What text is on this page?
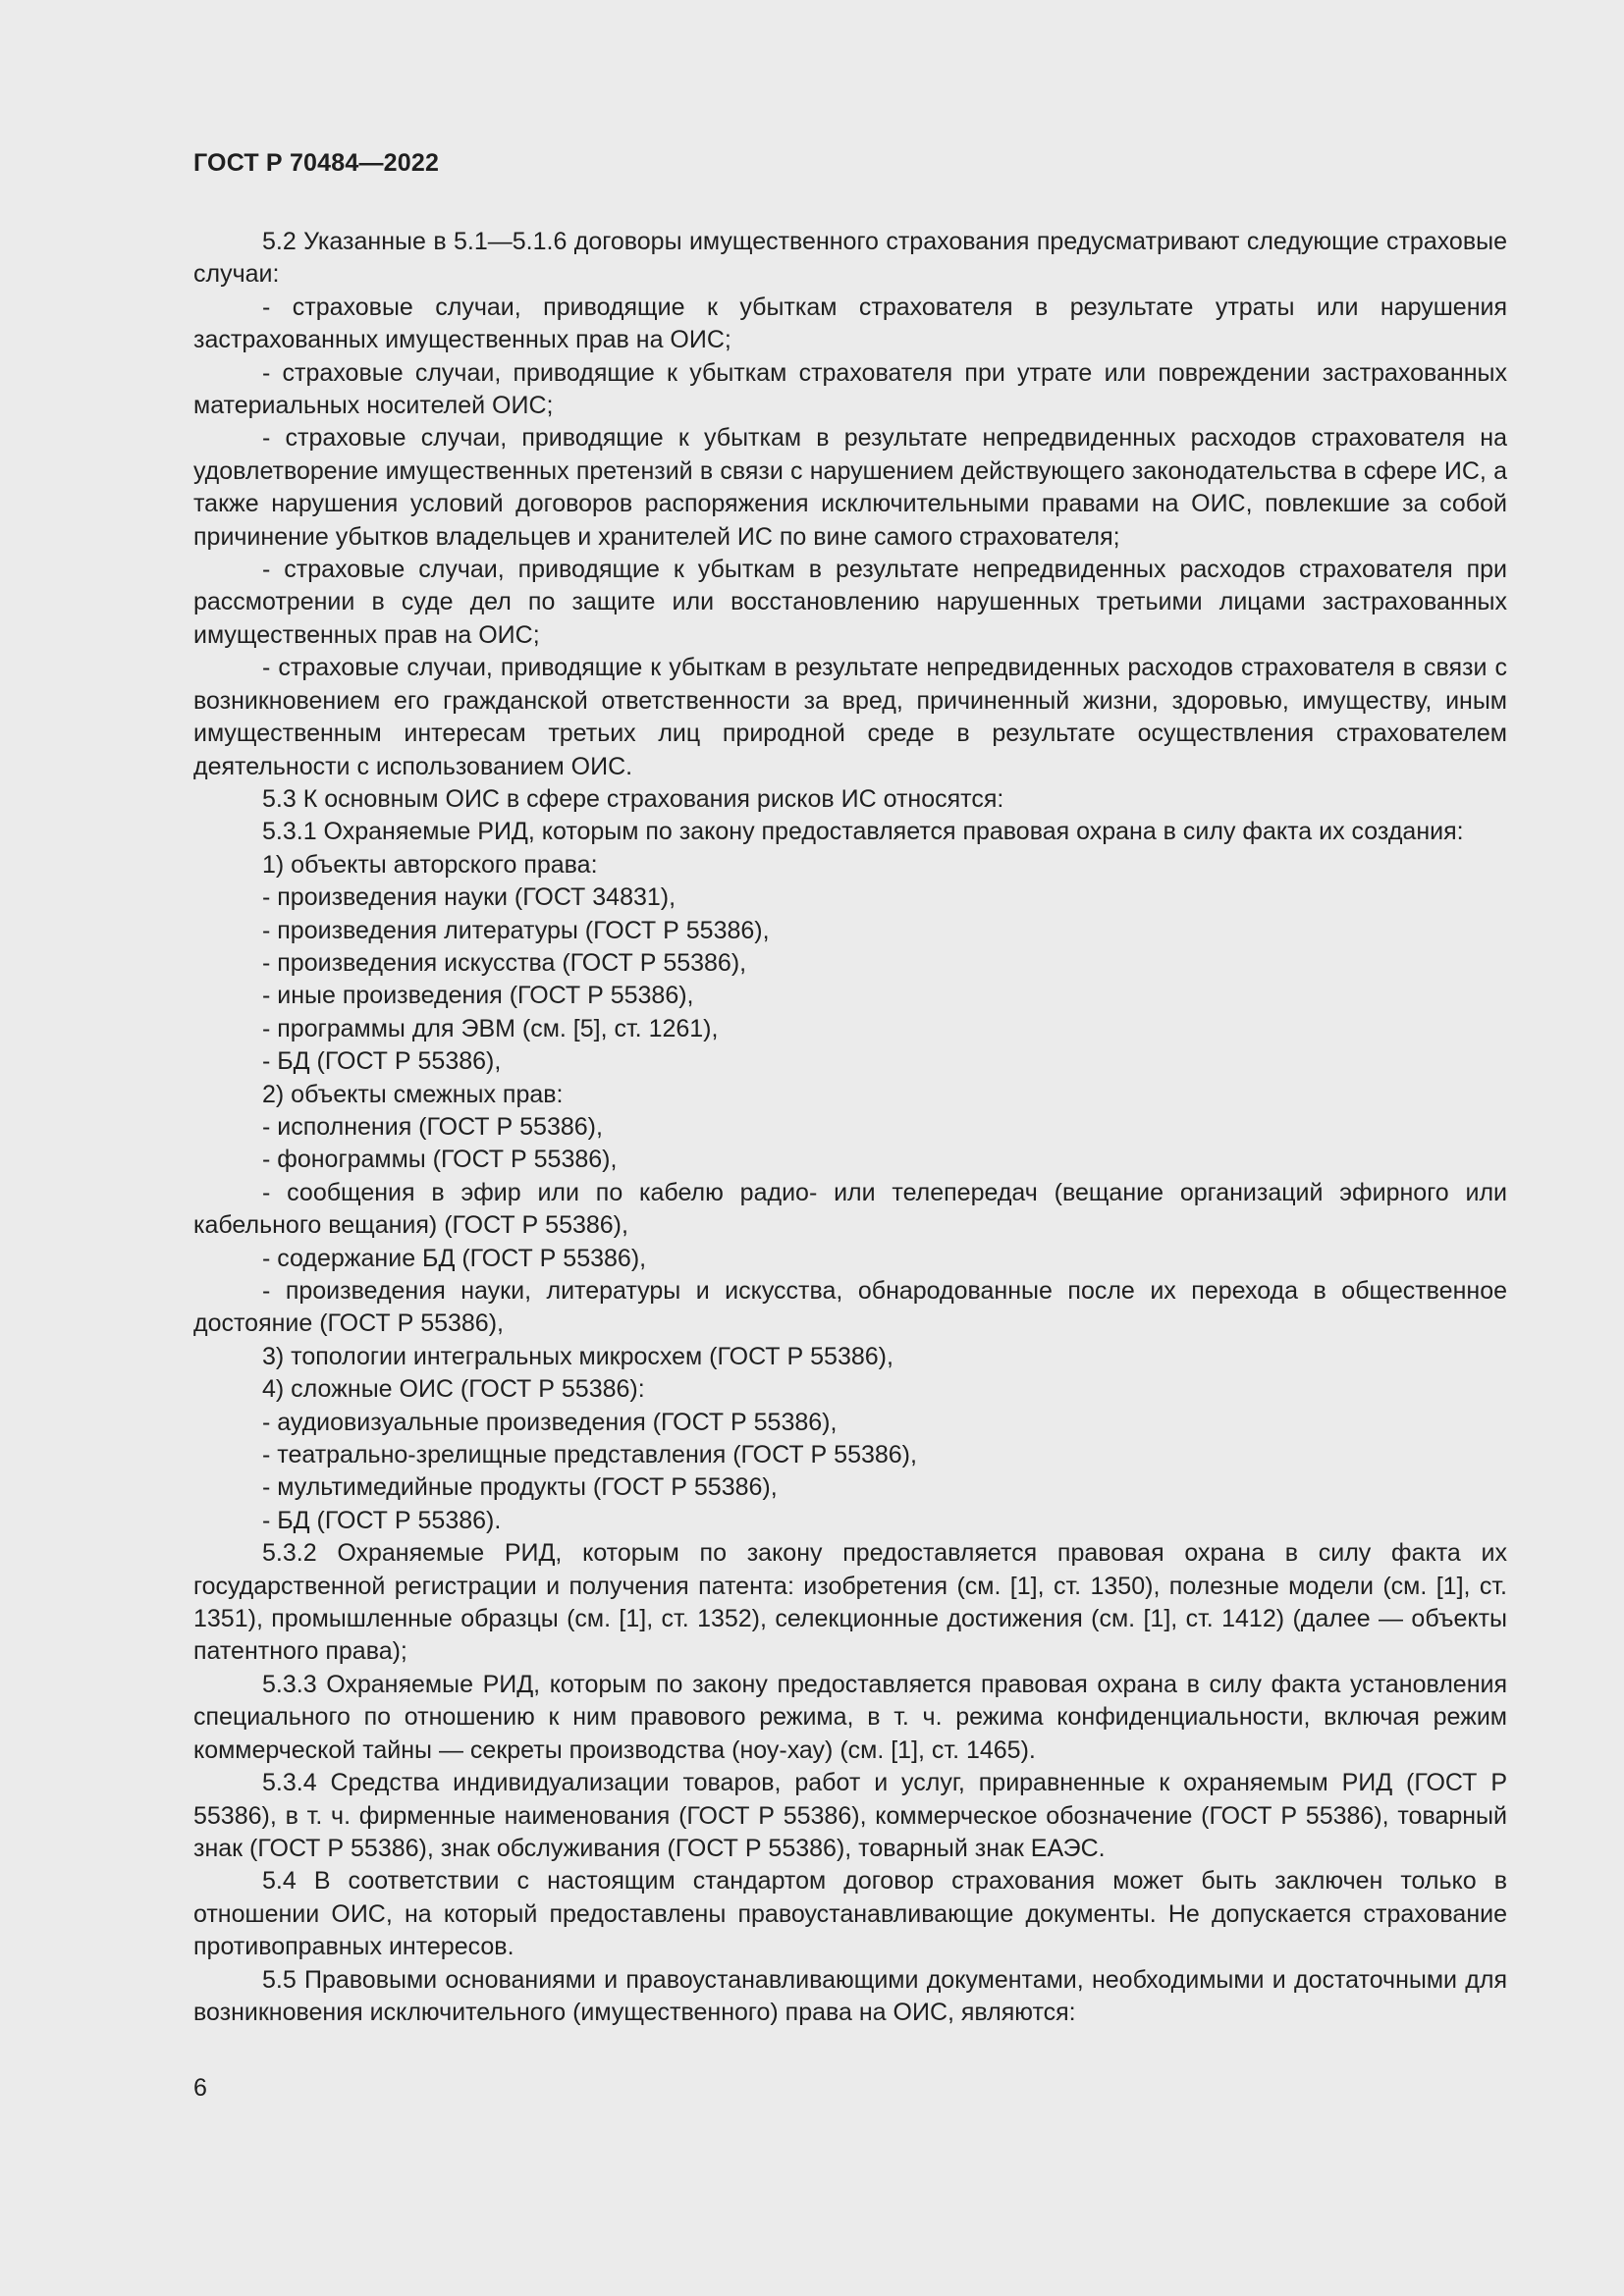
ГОСТ Р 70484—2022

5.2 Указанные в 5.1—5.1.6 договоры имущественного страхования предусматривают следующие страховые случаи:

- страховые случаи, приводящие к убыткам страхователя в результате утраты или нарушения застрахованных имущественных прав на ОИС;

- страховые случаи, приводящие к убыткам страхователя при утрате или повреждении застрахованных материальных носителей ОИС;

- страховые случаи, приводящие к убыткам в результате непредвиденных расходов страхователя на удовлетворение имущественных претензий в связи с нарушением действующего законодательства в сфере ИС, а также нарушения условий договоров распоряжения исключительными правами на ОИС, повлекшие за собой причинение убытков владельцев и хранителей ИС по вине самого страхователя;

- страховые случаи, приводящие к убыткам в результате непредвиденных расходов страхователя при рассмотрении в суде дел по защите или восстановлению нарушенных третьими лицами застрахованных имущественных прав на ОИС;

- страховые случаи, приводящие к убыткам в результате непредвиденных расходов страхователя в связи с возникновением его гражданской ответственности за вред, причиненный жизни, здоровью, имуществу, иным имущественным интересам третьих лиц природной среде в результате осуществления страхователем деятельности с использованием ОИС.

5.3 К основным ОИС в сфере страхования рисков ИС относятся:

5.3.1 Охраняемые РИД, которым по закону предоставляется правовая охрана в силу факта их создания:

1) объекты авторского права:

- произведения науки (ГОСТ 34831),

- произведения литературы (ГОСТ Р 55386),

- произведения искусства (ГОСТ Р 55386),

- иные произведения (ГОСТ Р 55386),

- программы для ЭВМ (см. [5], ст. 1261),

- БД (ГОСТ Р 55386),

2) объекты смежных прав:

- исполнения (ГОСТ Р 55386),

- фонограммы (ГОСТ Р 55386),

- сообщения в эфир или по кабелю радио- или телепередач (вещание организаций эфирного или кабельного вещания) (ГОСТ Р 55386),

- содержание БД (ГОСТ Р 55386),

- произведения науки, литературы и искусства, обнародованные после их перехода в общественное достояние (ГОСТ Р 55386),

3) топологии интегральных микросхем (ГОСТ Р 55386),

4) сложные ОИС (ГОСТ Р 55386):

- аудиовизуальные произведения (ГОСТ Р 55386),

- театрально-зрелищные представления (ГОСТ Р 55386),

- мультимедийные продукты (ГОСТ Р 55386),

- БД (ГОСТ Р 55386).

5.3.2 Охраняемые РИД, которым по закону предоставляется правовая охрана в силу факта их государственной регистрации и получения патента: изобретения (см. [1], ст. 1350), полезные модели (см. [1], ст. 1351), промышленные образцы (см. [1], ст. 1352), селекционные достижения (см. [1], ст. 1412) (далее — объекты патентного права);

5.3.3 Охраняемые РИД, которым по закону предоставляется правовая охрана в силу факта установления специального по отношению к ним правового режима, в т. ч. режима конфиденциальности, включая режим коммерческой тайны — секреты производства (ноу-хау) (см. [1], ст. 1465).

5.3.4 Средства индивидуализации товаров, работ и услуг, приравненные к охраняемым РИД (ГОСТ Р 55386), в т. ч. фирменные наименования (ГОСТ Р 55386), коммерческое обозначение (ГОСТ Р 55386), товарный знак (ГОСТ Р 55386), знак обслуживания (ГОСТ Р 55386), товарный знак ЕАЭС.

5.4 В соответствии с настоящим стандартом договор страхования может быть заключен только в отношении ОИС, на который предоставлены правоустанавливающие документы. Не допускается страхование противоправных интересов.

5.5 Правовыми основаниями и правоустанавливающими документами, необходимыми и достаточными для возникновения исключительного (имущественного) права на ОИС, являются:

6
